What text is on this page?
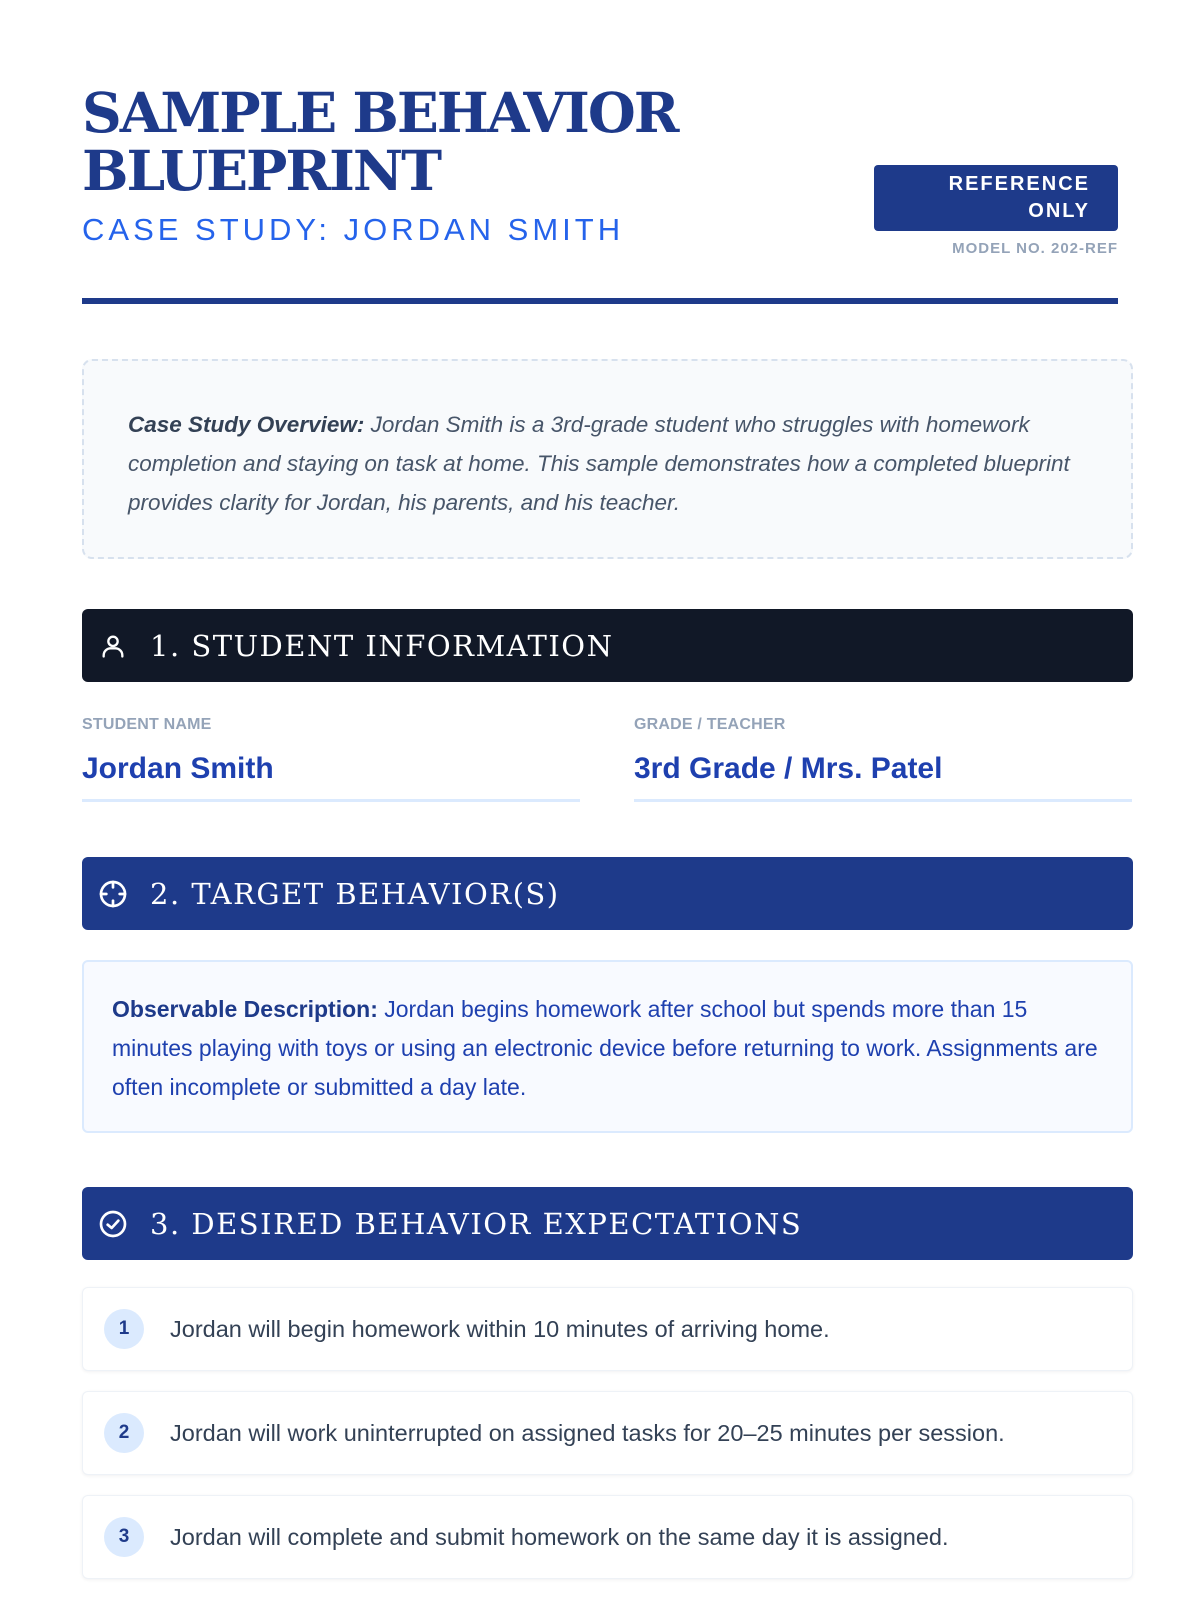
SAMPLE BEHAVIOR BLUEPRINT
CASE STUDY: JORDAN SMITH
REFERENCE ONLY
MODEL NO. 202-REF
Case Study Overview: Jordan Smith is a 3rd-grade student who struggles with homework completion and staying on task at home. This sample demonstrates how a completed blueprint provides clarity for Jordan, his parents, and his teacher.
1. STUDENT INFORMATION
STUDENT NAME
Jordan Smith
GRADE / TEACHER
3rd Grade / Mrs. Patel
2. TARGET BEHAVIOR(S)
Observable Description: Jordan begins homework after school but spends more than 15 minutes playing with toys or using an electronic device before returning to work. Assignments are often incomplete or submitted a day late.
3. DESIRED BEHAVIOR EXPECTATIONS
1	Jordan will begin homework within 10 minutes of arriving home.
2	Jordan will work uninterrupted on assigned tasks for 20–25 minutes per session.
3	Jordan will complete and submit homework on the same day it is assigned.
